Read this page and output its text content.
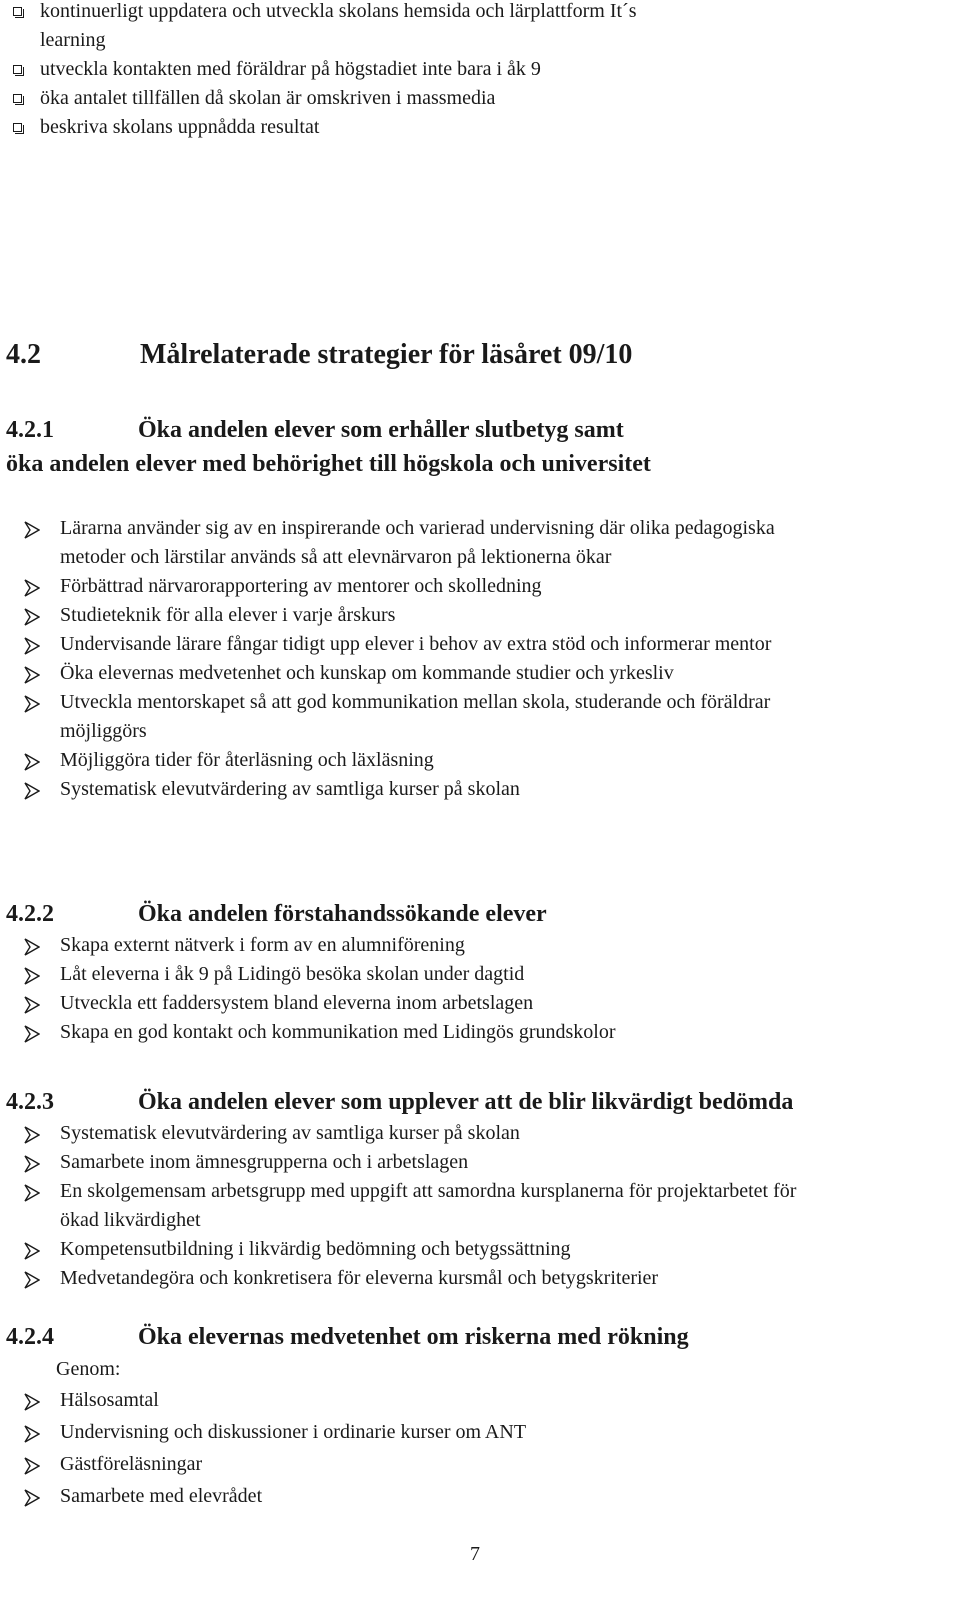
kontinuerligt uppdatera och utveckla skolans hemsida och lärplattform It´s
learning
utveckla kontakten med föräldrar på högstadiet inte bara i åk 9
öka antalet tillfällen då skolan är omskriven i massmedia
beskriva skolans uppnådda resultat
4.2	Målrelaterade strategier för läsåret 09/10
4.2.1	Öka andelen elever som erhåller slutbetyg samt
öka andelen elever med behörighet till högskola och universitet
Lärarna använder sig av en inspirerande och varierad undervisning där olika pedagogiska metoder och lärstilar används så att elevnärvaron på lektionerna ökar
Förbättrad närvarorapportering av mentorer och skolledning
Studieteknik för alla elever i varje årskurs
Undervisande lärare fångar tidigt upp elever i behov av extra stöd och informerar mentor
Öka elevernas medvetenhet och kunskap om kommande studier och yrkesliv
Utveckla mentorskapet så att god kommunikation mellan skola, studerande och föräldrar möjliggörs
Möjliggöra tider för återläsning och läxläsning
Systematisk elevutvärdering av samtliga kurser på skolan
4.2.2	Öka andelen förstahandssökande elever
Skapa externt nätverk i form av en alumniförening
Låt eleverna i åk 9 på Lidingö besöka skolan under dagtid
Utveckla ett faddersystem bland eleverna inom arbetslagen
Skapa en god kontakt och kommunikation med Lidingös grundskolor
4.2.3	Öka andelen elever som upplever att de blir likvärdigt bedömda
Systematisk elevutvärdering av samtliga kurser på skolan
Samarbete inom ämnesgrupperna och i arbetslagen
En skolgemensam arbetsgrupp med uppgift att samordna kursplanerna för projektarbetet för ökad likvärdighet
Kompetensutbildning i likvärdig bedömning och betygssättning
Medvetandegöra och konkretisera för eleverna kursmål och betygskriterier
4.2.4	Öka elevernas medvetenhet om riskerna med rökning
Genom:
Hälsosamtal
Undervisning och diskussioner i ordinarie kurser om ANT
Gästföreläsningar
Samarbete med elevrådet
7
